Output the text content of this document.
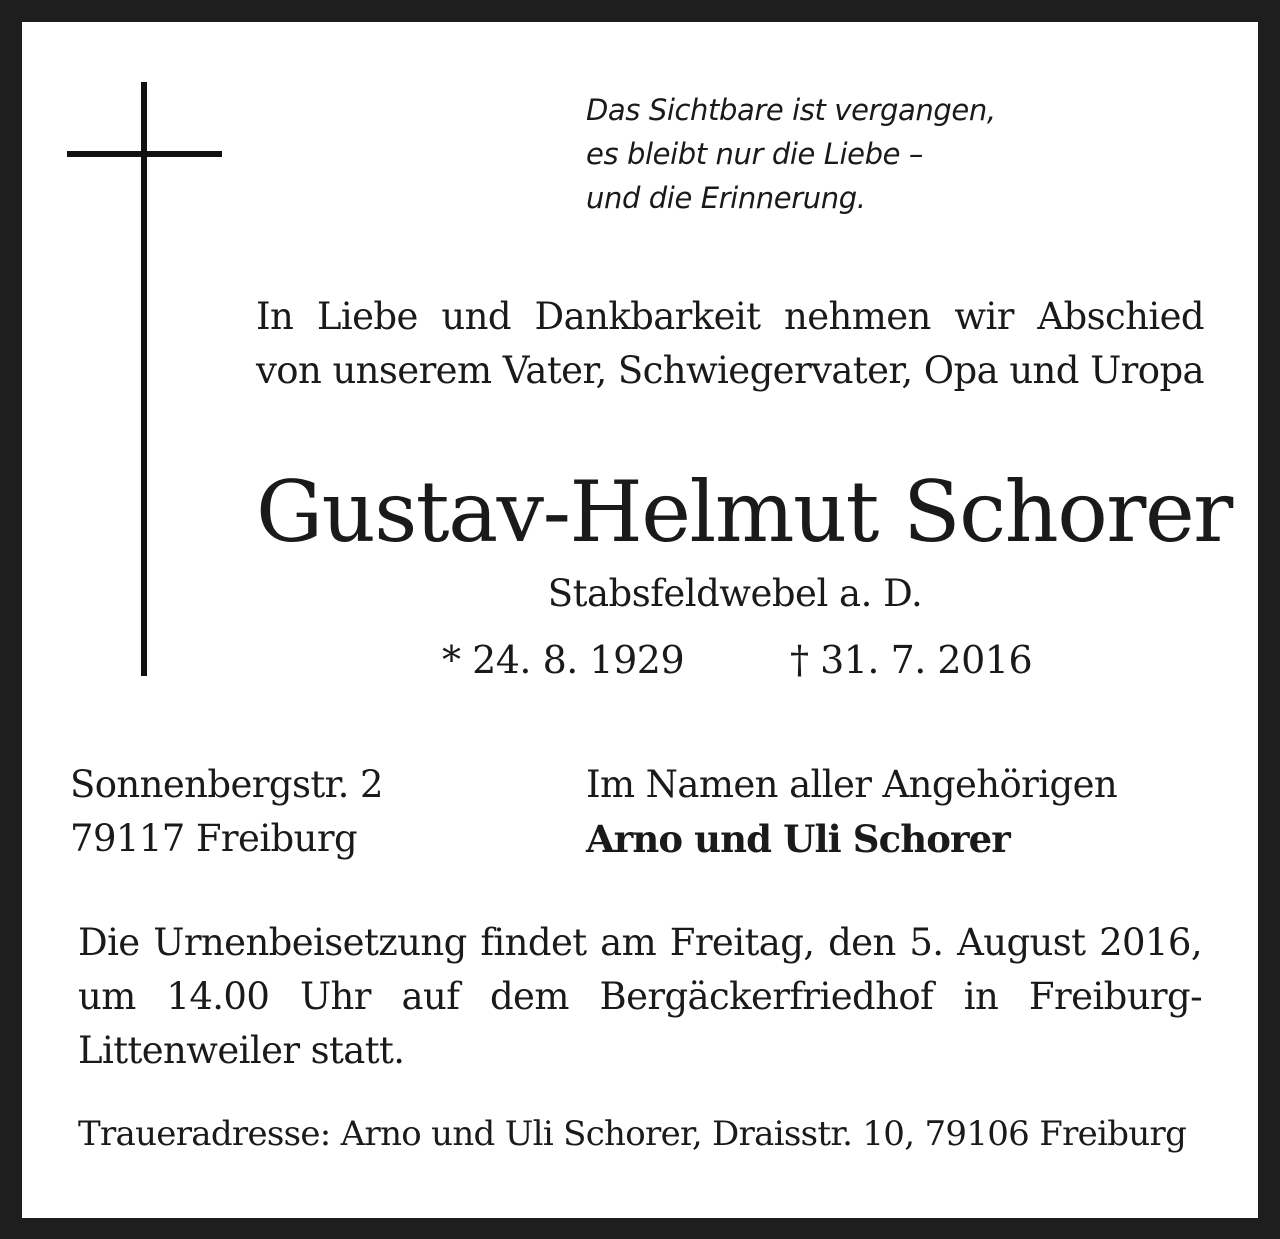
Das Sichtbare ist vergangen,
es bleibt nur die Liebe –
und die Erinnerung.
In Liebe und Dankbarkeit nehmen wir Abschied
von unserem Vater, Schwiegervater, Opa und Uropa
Gustav-Helmut Schorer
Stabsfeldwebel a. D.
* 24. 8. 1929	† 31. 7. 2016
Sonnenbergstr. 2
79117 Freiburg
Im Namen aller Angehörigen
Arno und Uli Schorer
Die Urnenbeisetzung findet am Freitag, den 5. August 2016,
um 14.00 Uhr auf dem Bergäckerfriedhof in Freiburg-
Littenweiler statt.
Traueradresse: Arno und Uli Schorer, Draisstr. 10, 79106 Freiburg
